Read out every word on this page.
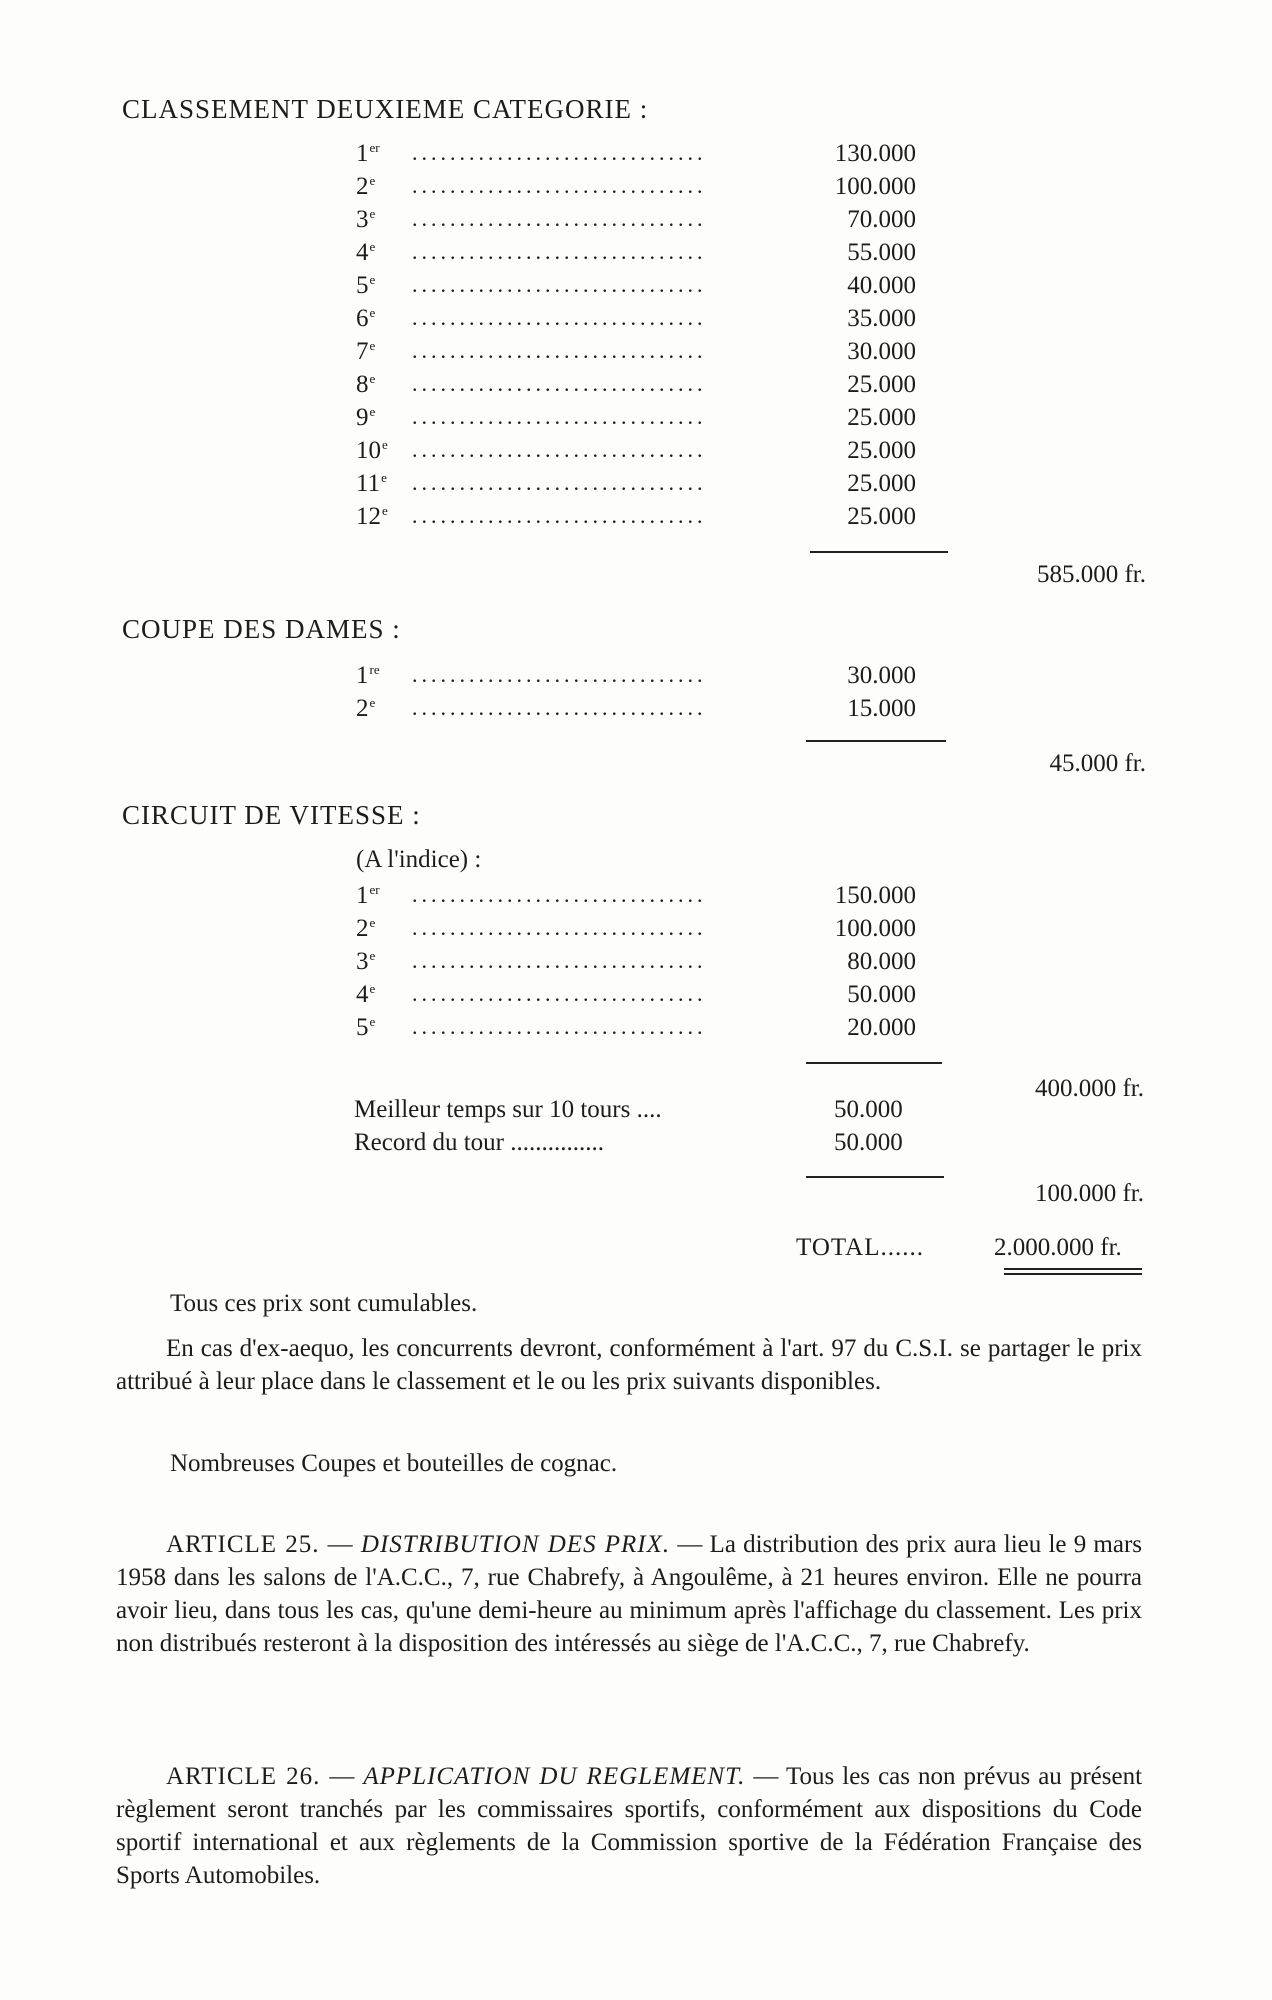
CLASSEMENT DEUXIEME CATEGORIE :
1er ...............................	130.000
2e ...............................	100.000
3e ...............................	70.000
4e ...............................	55.000
5e ...............................	40.000
6e ...............................	35.000
7e ...............................	30.000
8e ...............................	25.000
9e ...............................	25.000
10e ...............................	25.000
11e ...............................	25.000
12e ...............................	25.000
585.000 fr.
COUPE DES DAMES :
1re ...............................	30.000
2e ...............................	15.000
45.000 fr.
CIRCUIT DE VITESSE :
(A l'indice) :
1er ...............................	150.000
2e ...............................	100.000
3e ...............................	80.000
4e ...............................	50.000
5e ...............................	20.000
400.000 fr.
Meilleur temps sur 10 tours ....	50.000
Record du tour ...............	50.000
100.000 fr.
TOTAL......	2.000.000 fr.
Tous ces prix sont cumulables.
En cas d'ex-aequo, les concurrents devront, conformément à l'art. 97 du C.S.I. se partager le prix attribué à leur place dans le classement et le ou les prix suivants disponibles.
Nombreuses Coupes et bouteilles de cognac.
ARTICLE 25. — DISTRIBUTION DES PRIX. — La distribution des prix aura lieu le 9 mars 1958 dans les salons de l'A.C.C., 7, rue Chabrefy, à Angoulême, à 21 heures environ. Elle ne pourra avoir lieu, dans tous les cas, qu'une demi-heure au minimum après l'affichage du classement. Les prix non distribués resteront à la disposition des intéressés au siège de l'A.C.C., 7, rue Chabrefy.
ARTICLE 26. — APPLICATION DU REGLEMENT. — Tous les cas non prévus au présent règlement seront tranchés par les commissaires sportifs, conformément aux dispositions du Code sportif international et aux règlements de la Commission sportive de la Fédération Française des Sports Automobiles.
